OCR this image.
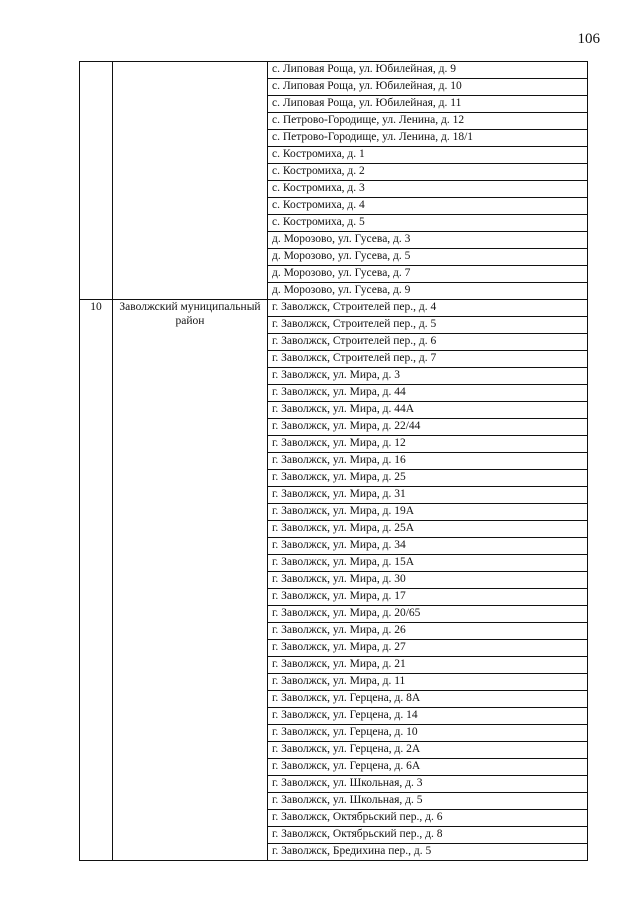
106
		с. Липовая Роща, ул. Юбилейная, д. 9
		с. Липовая Роща, ул. Юбилейная, д. 10
		с. Липовая Роща, ул. Юбилейная, д. 11
		с. Петрово-Городище, ул. Ленина, д. 12
		с. Петрово-Городище, ул. Ленина, д. 18/1
		с. Костромиха, д. 1
		с. Костромиха, д. 2
		с. Костромиха, д. 3
		с. Костромиха, д. 4
		с. Костромиха, д. 5
		д. Морозово, ул. Гусева, д. 3
		д. Морозово, ул. Гусева, д. 5
		д. Морозово, ул. Гусева, д. 7
		д. Морозово, ул. Гусева, д. 9
10	Заволжский муниципальный район	г. Заволжск, Строителей пер., д. 4
		г. Заволжск, Строителей пер., д. 5
		г. Заволжск, Строителей пер., д. 6
		г. Заволжск, Строителей пер., д. 7
		г. Заволжск, ул. Мира, д. 3
		г. Заволжск, ул. Мира, д. 44
		г. Заволжск, ул. Мира, д. 44А
		г. Заволжск, ул. Мира, д. 22/44
		г. Заволжск, ул. Мира, д. 12
		г. Заволжск, ул. Мира, д. 16
		г. Заволжск, ул. Мира, д. 25
		г. Заволжск, ул. Мира, д. 31
		г. Заволжск, ул. Мира, д. 19А
		г. Заволжск, ул. Мира, д. 25А
		г. Заволжск, ул. Мира, д. 34
		г. Заволжск, ул. Мира, д. 15А
		г. Заволжск, ул. Мира, д. 30
		г. Заволжск, ул. Мира, д. 17
		г. Заволжск, ул. Мира, д. 20/65
		г. Заволжск, ул. Мира, д. 26
		г. Заволжск, ул. Мира, д. 27
		г. Заволжск, ул. Мира, д. 21
		г. Заволжск, ул. Мира, д. 11
		г. Заволжск, ул. Герцена, д. 8А
		г. Заволжск, ул. Герцена, д. 14
		г. Заволжск, ул. Герцена, д. 10
		г. Заволжск, ул. Герцена, д. 2А
		г. Заволжск, ул. Герцена, д. 6А
		г. Заволжск, ул. Школьная, д. 3
		г. Заволжск, ул. Школьная, д. 5
		г. Заволжск, Октябрьский пер., д. 6
		г. Заволжск, Октябрьский пер., д. 8
		г. Заволжск, Бредихина пер., д. 5
